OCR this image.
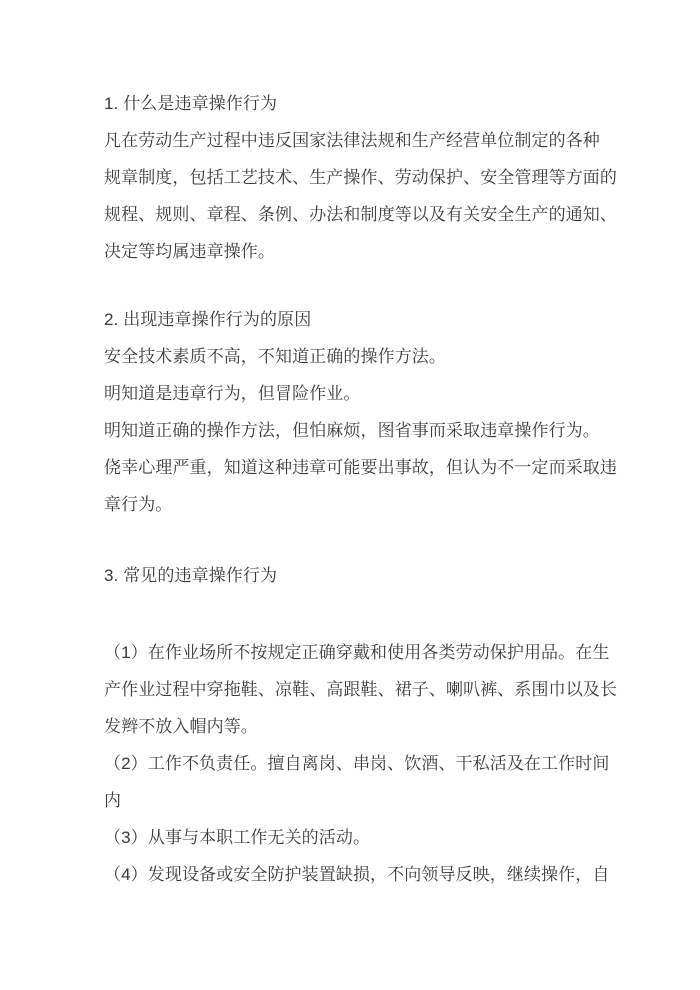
1. 什么是违章操作行为
凡在劳动生产过程中违反国家法律法规和生产经营单位制定的各种
规章制度，包括工艺技术、生产操作、劳动保护、安全管理等方面的
规程、规则、章程、条例、办法和制度等以及有关安全生产的通知、
决定等均属违章操作。
2. 出现违章操作行为的原因
安全技术素质不高，不知道正确的操作方法。
明知道是违章行为，但冒险作业。
明知道正确的操作方法，但怕麻烦，图省事而采取违章操作行为。
侥幸心理严重，知道这种违章可能要出事故，但认为不一定而采取违
章行为。
3. 常见的违章操作行为
（1）在作业场所不按规定正确穿戴和使用各类劳动保护用品。在生
产作业过程中穿拖鞋、凉鞋、高跟鞋、裙子、喇叭裤、系围巾以及长
发辫不放入帽内等。
（2）工作不负责任。擅自离岗、串岗、饮酒、干私活及在工作时间
内
（3）从事与本职工作无关的活动。
（4）发现设备或安全防护装置缺损，不向领导反映，继续操作，自
